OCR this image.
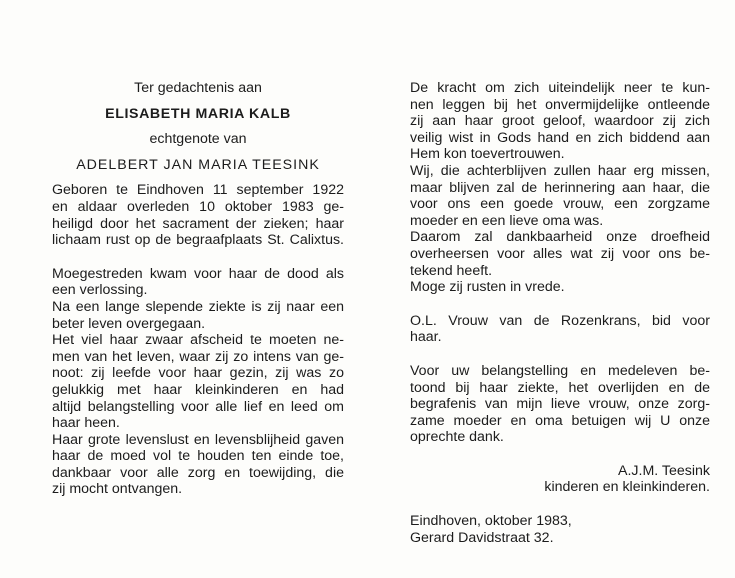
Ter gedachtenis aan
ELISABETH MARIA KALB
echtgenote van
ADELBERT JAN MARIA TEESINK
Geboren te Eindhoven 11 september 1922
en aldaar overleden 10 oktober 1983 ge-
heiligd door het sacrament der zieken; haar
lichaam rust op de begraafplaats St. Calixtus.
Moegestreden kwam voor haar de dood als
een verlossing.
Na een lange slepende ziekte is zij naar een
beter leven overgegaan.
Het viel haar zwaar afscheid te moeten ne-
men van het leven, waar zij zo intens van ge-
noot: zij leefde voor haar gezin, zij was zo
gelukkig met haar kleinkinderen en had
altijd belangstelling voor alle lief en leed om
haar heen.
Haar grote levenslust en levensblijheid gaven
haar de moed vol te houden ten einde toe,
dankbaar voor alle zorg en toewijding, die
zij mocht ontvangen.
De kracht om zich uiteindelijk neer te kun-
nen leggen bij het onvermijdelijke ontleende
zij aan haar groot geloof, waardoor zij zich
veilig wist in Gods hand en zich biddend aan
Hem kon toevertrouwen.
Wij, die achterblijven zullen haar erg missen,
maar blijven zal de herinnering aan haar, die
voor ons een goede vrouw, een zorgzame
moeder en een lieve oma was.
Daarom zal dankbaarheid onze droefheid
overheersen voor alles wat zij voor ons be-
tekend heeft.
Moge zij rusten in vrede.
O.L. Vrouw van de Rozenkrans, bid voor
haar.
Voor uw belangstelling en medeleven be-
toond bij haar ziekte, het overlijden en de
begrafenis van mijn lieve vrouw, onze zorg-
zame moeder en oma betuigen wij U onze
oprechte dank.
A.J.M. Teesink
kinderen en kleinkinderen.
Eindhoven, oktober 1983,
Gerard Davidstraat 32.
